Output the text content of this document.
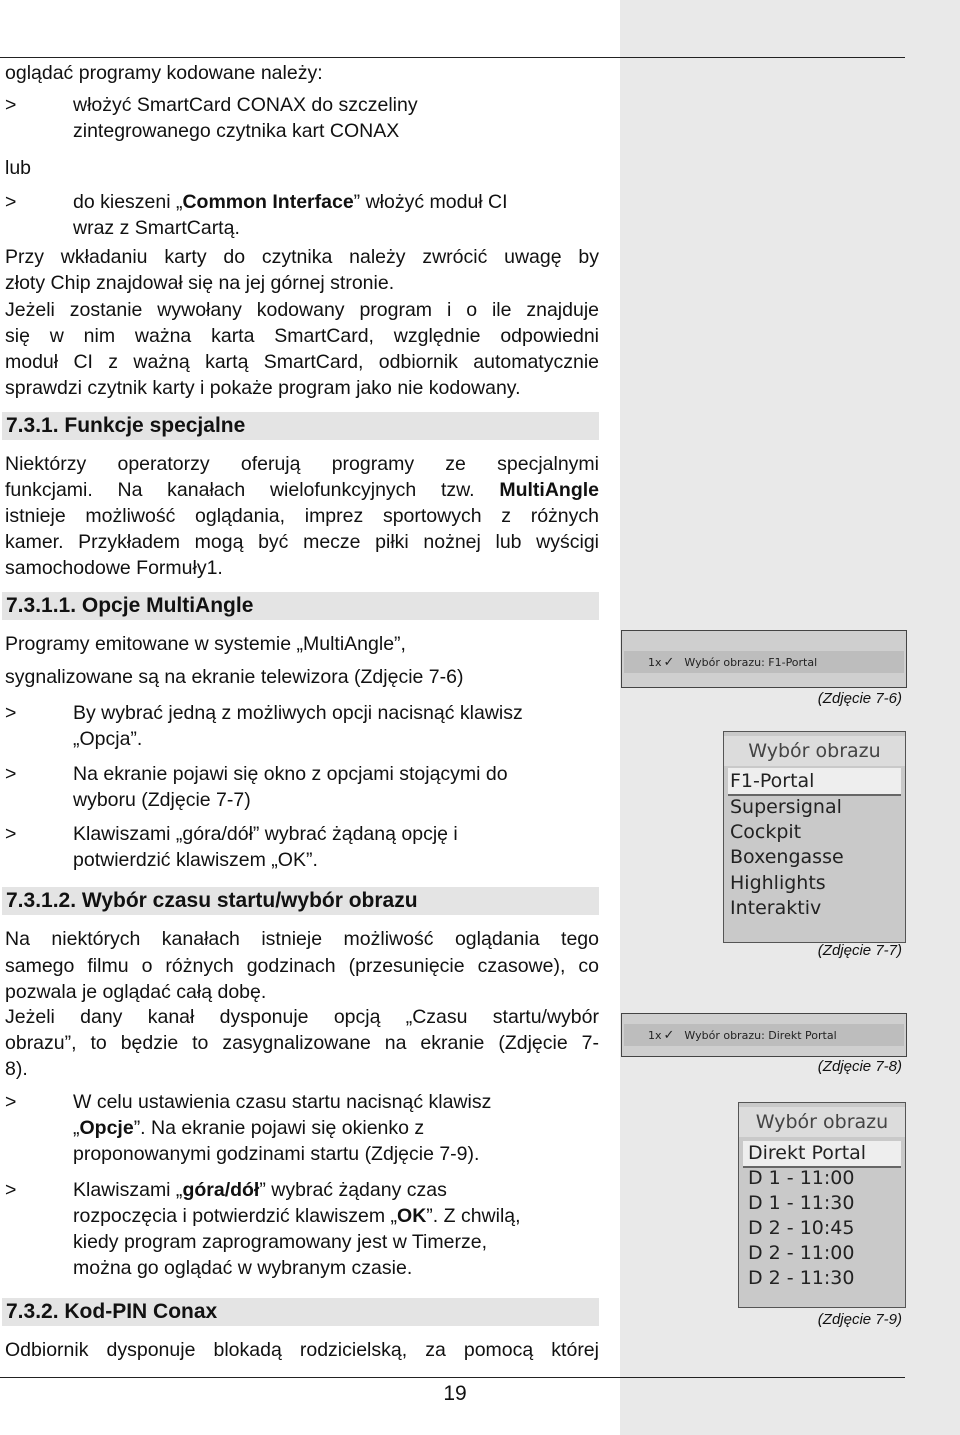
oglądać programy kodowane należy:

>	włożyć SmartCard CONAX do szczeliny
zintegrowanego czytnika kart CONAX

lub

>	do kieszeni „Common Interface” włożyć moduł CI
wraz z SmartCartą.

Przy wkładaniu karty do czytnika należy zwrócić uwagę by

złoty Chip znajdował się na jej górnej stronie.

Jeżeli zostanie wywołany kodowany program i o ile znajduje

się w nim ważna karta SmartCard, względnie odpowiedni

moduł CI z ważną kartą SmartCard, odbiornik automatycznie

sprawdzi czytnik karty i pokaże program jako nie kodowany.

7.3.1. Funkcje specjalne

Niektórzy operatorzy oferują programy ze specjalnymi

funkcjami. Na kanałach wielofunkcyjnych tzw. MultiAngle

istnieje możliwość oglądania, imprez sportowych z różnych

kamer. Przykładem mogą być mecze piłki nożnej lub wyścigi

samochodowe Formuły1.

7.3.1.1. Opcje MultiAngle

Programy emitowane w systemie „MultiAngle”,

sygnalizowane są na ekranie telewizora (Zdjęcie 7-6)

>	By wybrać jedną z możliwych opcji nacisnąć klawisz
„Opcja”.
>	Na ekranie pojawi się okno z opcjami stojącymi do
wyboru (Zdjęcie 7-7)
>	Klawiszami „góra/dół” wybrać żądaną opcję i
potwierdzić klawiszem „OK”.
7.3.1.2. Wybór czasu startu/wybór obrazu

Na niektórych kanałach istnieje możliwość oglądania tego

samego filmu o różnych godzinach (przesunięcie czasowe), co

pozwala je oglądać całą dobę.

Jeżeli dany kanał dysponuje opcją „Czasu startu/wybór

obrazu”, to będzie to zasygnalizowane na ekranie (Zdjęcie 7-

8).

>	W celu ustawienia czasu startu nacisnąć klawisz
„Opcje”. Na ekranie pojawi się okienko z
proponowanymi godzinami startu (Zdjęcie 7-9).
>	Klawiszami „góra/dół” wybrać żądany czas
rozpoczęcia i potwierdzić klawiszem „OK”. Z chwilą,
kiedy program zaprogramowany jest w Timerze,
można go oglądać w wybranym czasie.
7.3.2. Kod-PIN Conax

Odbiornik dysponuje blokadą rodzicielską, za pomocą której

19
1x ✓ Wybór obrazu: F1-Portal
(Zdjęcie 7-6)
Wybór obrazu
F1-Portal
Supersignal
Cockpit
Boxengasse
Highlights
Interaktiv
(Zdjęcie 7-7)
1x ✓ Wybór obrazu: Direkt Portal
(Zdjęcie 7-8)
Wybór obrazu
Direkt Portal
D 1 - 11:00
D 1 - 11:30
D 2 - 10:45
D 2 - 11:00
D 2 - 11:30
(Zdjęcie 7-9)
